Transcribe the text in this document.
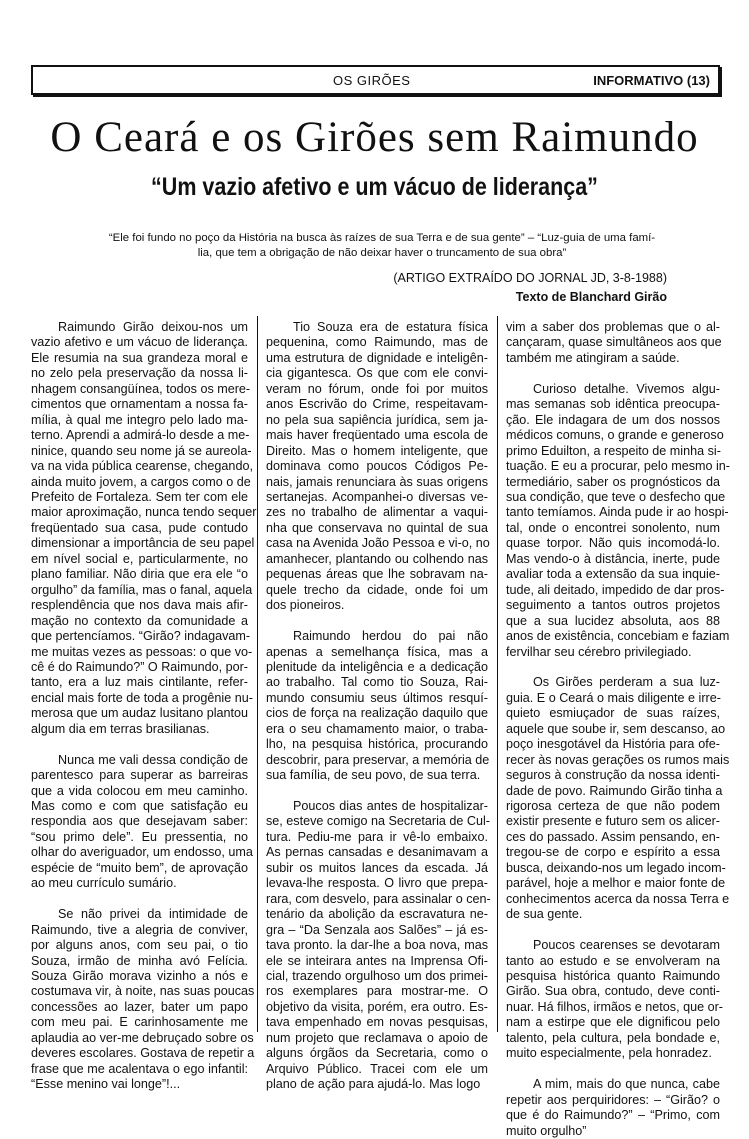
OS GIRÕES	INFORMATIVO (13)
O Ceará e os Girões sem Raimundo
“Um vazio afetivo e um vácuo de liderança”
“Ele foi fundo no poço da História na busca às raízes de sua Terra e de sua gente” – “Luz-guia de uma famí-
lia, que tem a obrigação de não deixar haver o truncamento de sua obra”
(ARTIGO EXTRAÍDO DO JORNAL JD, 3-8-1988)
Texto de Blanchard Girão
Raimundo Girão deixou-nos um
vazio afetivo e um vácuo de liderança.
Ele resumia na sua grandeza moral e
no zelo pela preservação da nossa li-
nhagem consangüínea, todos os mere-
cimentos que ornamentam a nossa fa-
mília, à qual me integro pelo lado ma-
terno. Aprendi a admirá-lo desde a me-
ninice, quando seu nome já se aureola-
va na vida pública cearense, chegando,
ainda muito jovem, a cargos como o de
Prefeito de Fortaleza. Sem ter com ele
maior aproximação, nunca tendo sequer
freqüentado sua casa, pude contudo
dimensionar a importância de seu papel
em nível social e, particularmente, no
plano familiar. Não diria que era ele “o
orgulho” da família, mas o fanal, aquela
resplendência que nos dava mais afir-
mação no contexto da comunidade a
que pertencíamos. “Girão? indagavam-
me muitas vezes as pessoas: o que vo-
cê é do Raimundo?” O Raimundo, por-
tanto, era a luz mais cintilante, refer-
encial mais forte de toda a progênie nu-
merosa que um audaz lusitano plantou
algum dia em terras brasilianas.
Nunca me vali dessa condição de
parentesco para superar as barreiras
que a vida colocou em meu caminho.
Mas como e com que satisfação eu
respondia aos que desejavam saber:
“sou primo dele”. Eu pressentia, no
olhar do averiguador, um endosso, uma
espécie de “muito bem”, de aprovação
ao meu currículo sumário.
Se não privei da intimidade de
Raimundo, tive a alegria de conviver,
por alguns anos, com seu pai, o tio
Souza, irmão de minha avó Felícia.
Souza Girão morava vizinho a nós e
costumava vir, à noite, nas suas poucas
concessões ao lazer, bater um papo
com meu pai. E carinhosamente me
aplaudia ao ver-me debruçado sobre os
deveres escolares. Gostava de repetir a
frase que me acalentava o ego infantil:
“Esse menino vai longe”!...
Tio Souza era de estatura física
pequenina, como Raimundo, mas de
uma estrutura de dignidade e inteligên-
cia gigantesca. Os que com ele convi-
veram no fórum, onde foi por muitos
anos Escrivão do Crime, respeitavam-
no pela sua sapiência jurídica, sem ja-
mais haver freqüentado uma escola de
Direito. Mas o homem inteligente, que
dominava como poucos Códigos Pe-
nais, jamais renunciara às suas origens
sertanejas. Acompanhei-o diversas ve-
zes no trabalho de alimentar a vaqui-
nha que conservava no quintal de sua
casa na Avenida João Pessoa e vi-o, no
amanhecer, plantando ou colhendo nas
pequenas áreas que lhe sobravam na-
quele trecho da cidade, onde foi um
dos pioneiros.
Raimundo herdou do pai não
apenas a semelhança física, mas a
plenitude da inteligência e a dedicação
ao trabalho. Tal como tio Souza, Rai-
mundo consumiu seus últimos resquí-
cios de força na realização daquilo que
era o seu chamamento maior, o traba-
lho, na pesquisa histórica, procurando
descobrir, para preservar, a memória de
sua família, de seu povo, de sua terra.
Poucos dias antes de hospitalizar-
se, esteve comigo na Secretaria de Cul-
tura. Pediu-me para ir vê-lo embaixo.
As pernas cansadas e desanimavam a
subir os muitos lances da escada. Já
levava-lhe resposta. O livro que prepa-
rara, com desvelo, para assinalar o cen-
tenário da abolição da escravatura ne-
gra – “Da Senzala aos Salões” – já es-
tava pronto. la dar-lhe a boa nova, mas
ele se inteirara antes na Imprensa Ofi-
cial, trazendo orgulhoso um dos primei-
ros exemplares para mostrar-me. O
objetivo da visita, porém, era outro. Es-
tava empenhado em novas pesquisas,
num projeto que reclamava o apoio de
alguns órgãos da Secretaria, como o
Arquivo Público. Tracei com ele um
plano de ação para ajudá-lo. Mas logo
vim a saber dos problemas que o al-
cançaram, quase simultâneos aos que
também me atingiram a saúde.
Curioso detalhe. Vivemos algu-
mas semanas sob idêntica preocupa-
ção. Ele indagara de um dos nossos
médicos comuns, o grande e generoso
primo Eduilton, a respeito de minha si-
tuação. E eu a procurar, pelo mesmo in-
termediário, saber os prognósticos da
sua condição, que teve o desfecho que
tanto temíamos. Ainda pude ir ao hospi-
tal, onde o encontrei sonolento, num
quase torpor. Não quis incomodá-lo.
Mas vendo-o à distância, inerte, pude
avaliar toda a extensão da sua inquie-
tude, ali deitado, impedido de dar pros-
seguimento a tantos outros projetos
que a sua lucidez absoluta, aos 88
anos de existência, concebiam e faziam
fervilhar seu cérebro privilegiado.
Os Girões perderam a sua luz-
guia. E o Ceará o mais diligente e irre-
quieto esmiuçador de suas raízes,
aquele que soube ir, sem descanso, ao
poço inesgotável da História para ofe-
recer às novas gerações os rumos mais
seguros à construção da nossa identi-
dade de povo. Raimundo Girão tinha a
rigorosa certeza de que não podem
existir presente e futuro sem os alicer-
ces do passado. Assim pensando, en-
tregou-se de corpo e espírito a essa
busca, deixando-nos um legado incom-
parável, hoje a melhor e maior fonte de
conhecimentos acerca da nossa Terra e
de sua gente.
Poucos cearenses se devotaram
tanto ao estudo e se envolveram na
pesquisa histórica quanto Raimundo
Girão. Sua obra, contudo, deve conti-
nuar. Há filhos, irmãos e netos, que or-
nam a estirpe que ele dignificou pelo
talento, pela cultura, pela bondade e,
muito especialmente, pela honradez.
A mim, mais do que nunca, cabe
repetir aos perquiridores: – “Girão? o
que é do Raimundo?” – “Primo, com
muito orgulho”
